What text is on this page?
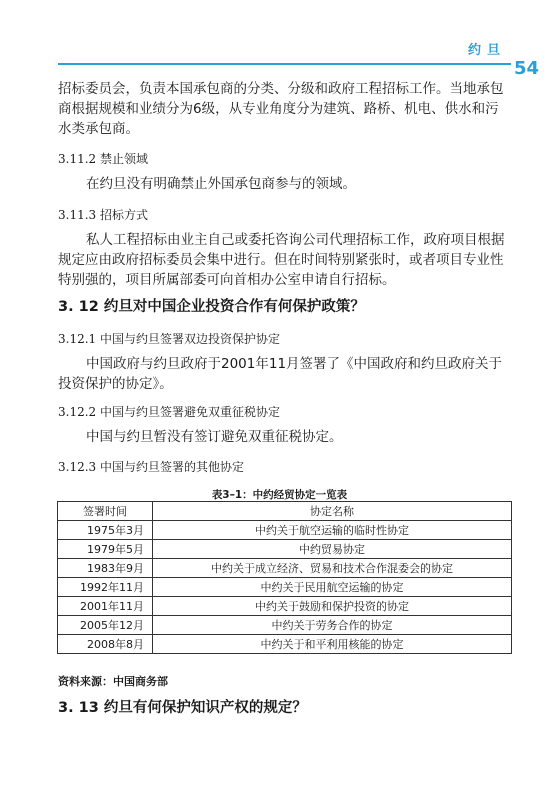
约旦
54
招标委员会，负责本国承包商的分类、分级和政府工程招标工作。当地承包商根据规模和业绩分为6级，从专业角度分为建筑、路桥、机电、供水和污水类承包商。
3.11.2 禁止领域
在约旦没有明确禁止外国承包商参与的领域。
3.11.3 招标方式
私人工程招标由业主自己或委托咨询公司代理招标工作，政府项目根据规定应由政府招标委员会集中进行。但在时间特别紧张时，或者项目专业性特别强的，项目所属部委可向首相办公室申请自行招标。
3. 12 约旦对中国企业投资合作有何保护政策？
3.12.1 中国与约旦签署双边投资保护协定
中国政府与约旦政府于2001年11月签署了《中国政府和约旦政府关于投资保护的协定》。
3.12.2 中国与约旦签署避免双重征税协定
中国与约旦暂没有签订避免双重征税协定。
3.12.3 中国与约旦签署的其他协定
表3–1：中约经贸协定一览表
签署时间	协定名称
1975年3月	中约关于航空运输的临时性协定
1979年5月	中约贸易协定
1983年9月	中约关于成立经济、贸易和技术合作混委会的协定
1992年11月	中约关于民用航空运输的协定
2001年11月	中约关于鼓励和保护投资的协定
2005年12月	中约关于劳务合作的协定
2008年8月	中约关于和平利用核能的协定
资料来源：中国商务部
3. 13 约旦有何保护知识产权的规定？
